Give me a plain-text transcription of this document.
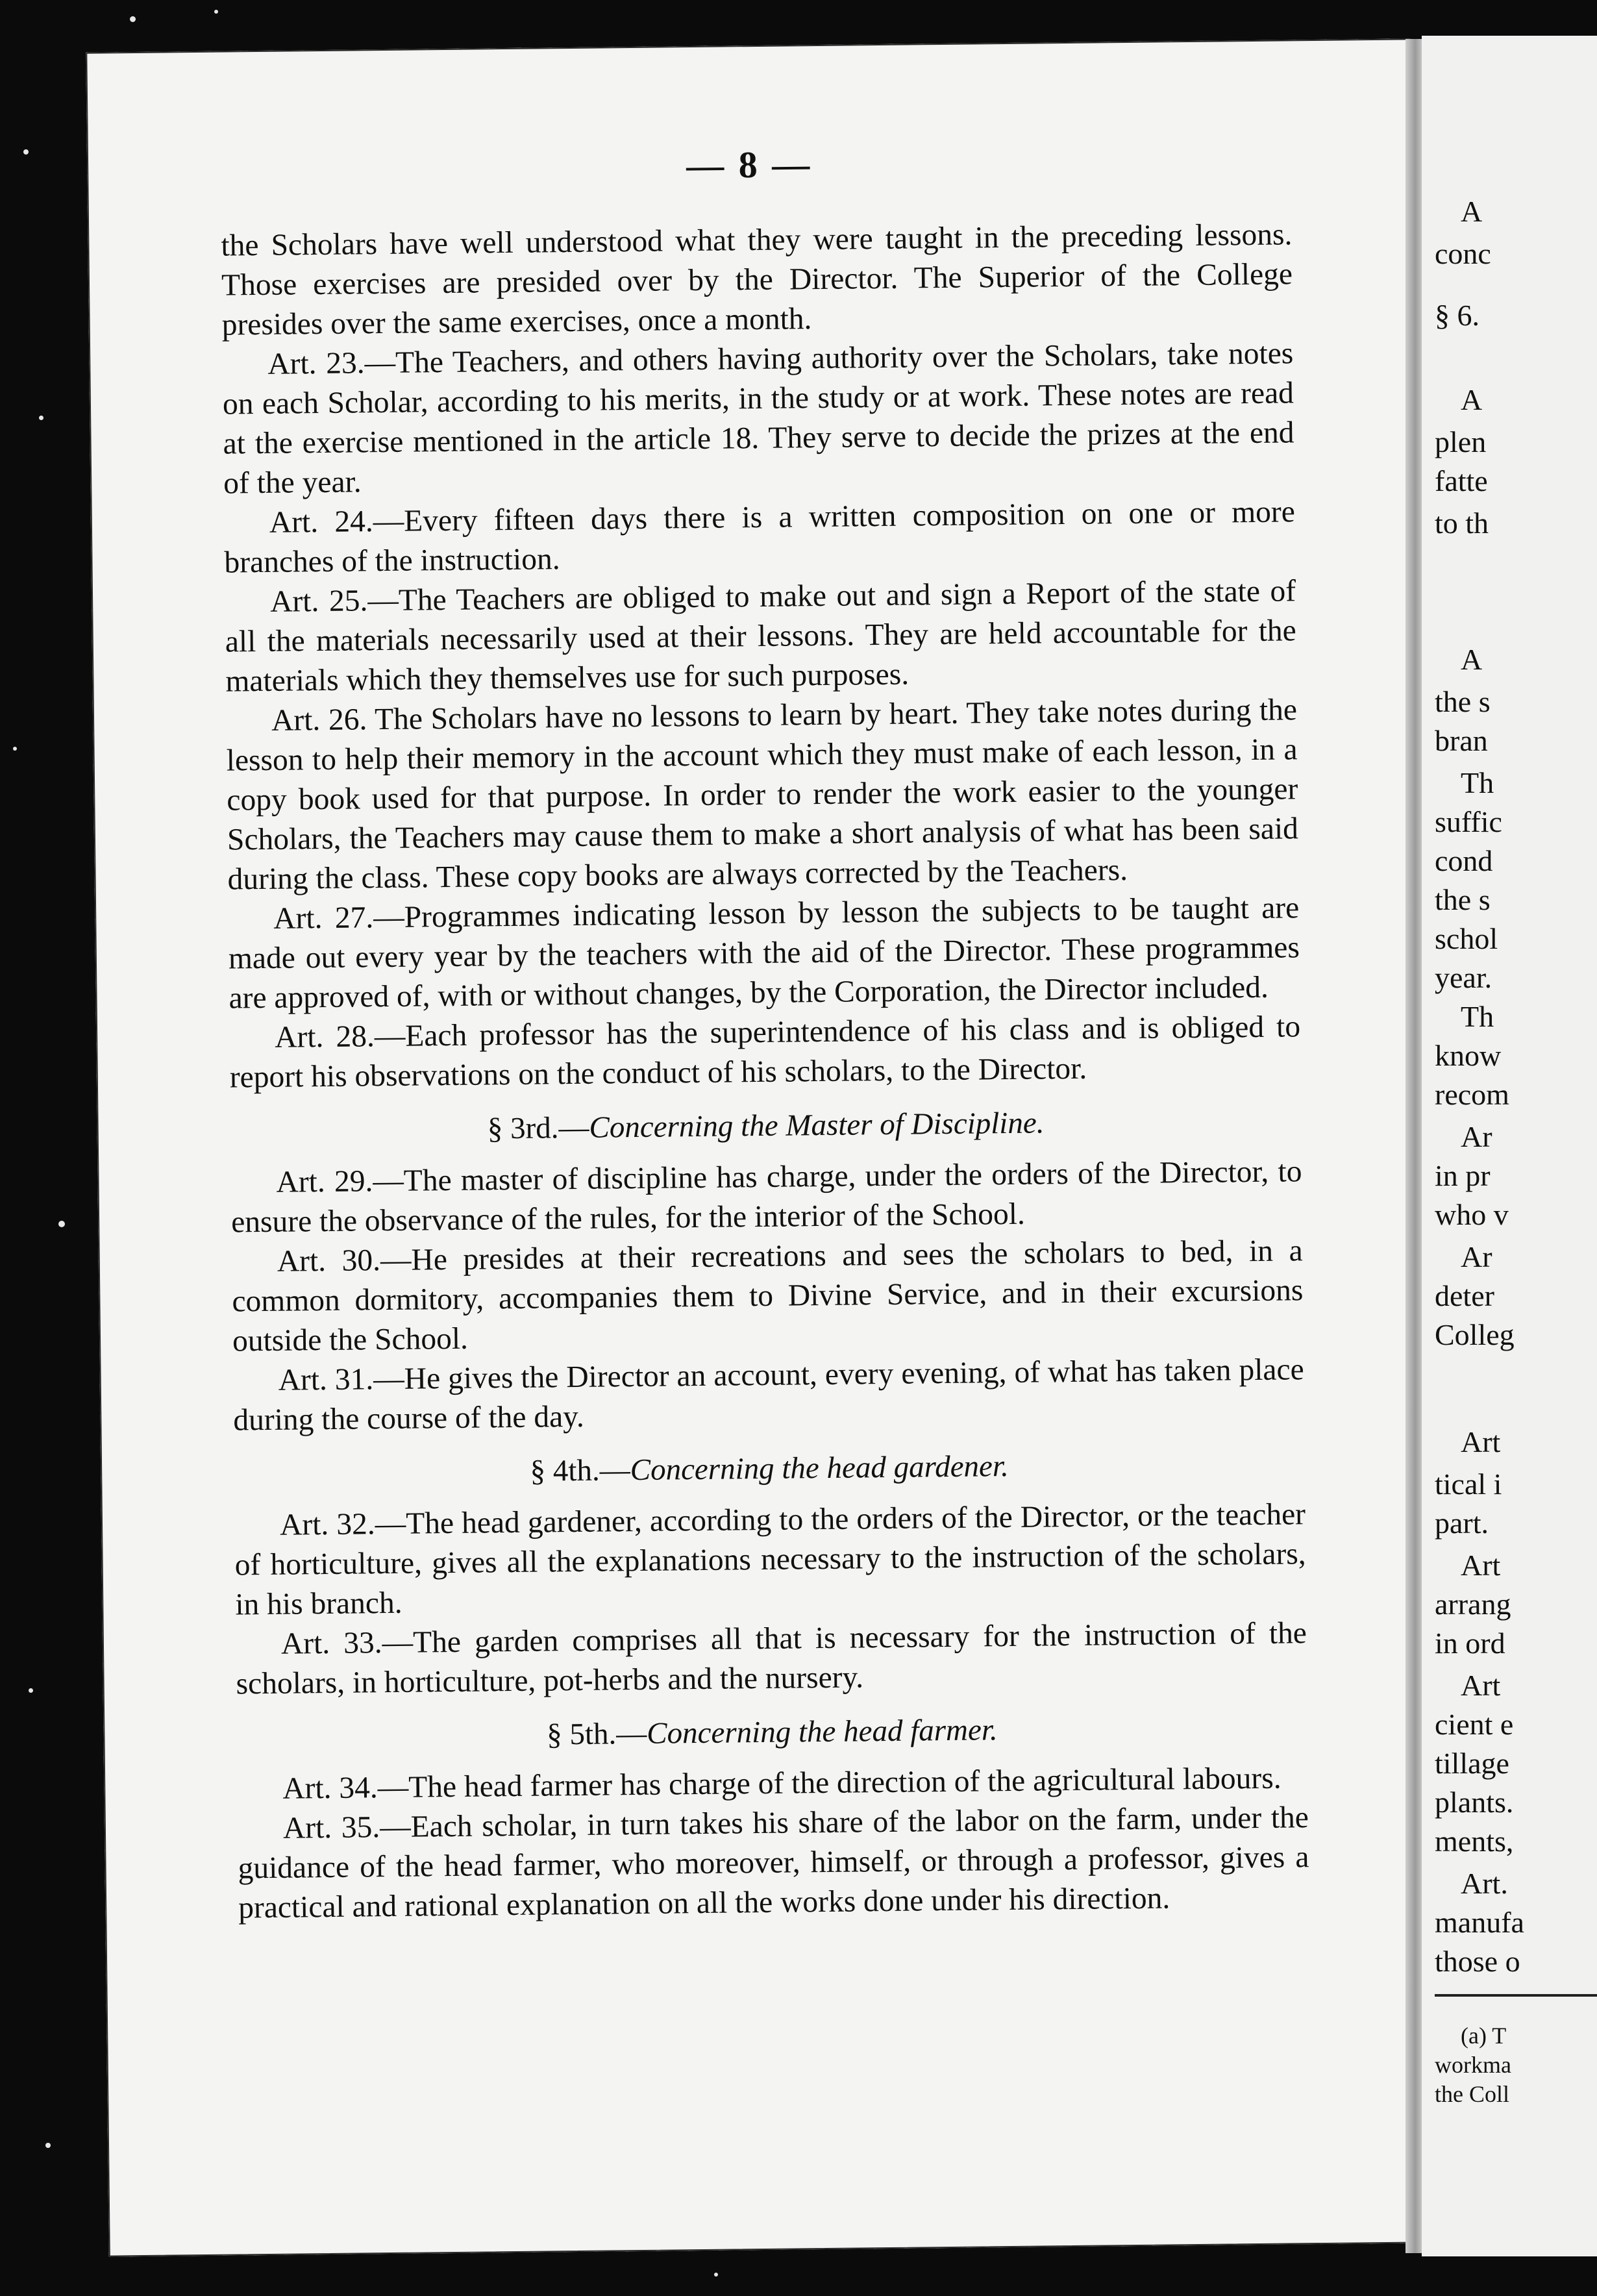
— 8 —

the Scholars have well understood what they were taught in the preceding lessons. Those exercises are presided over by the Director. The Superior of the College presides over the same exercises, once a month.

Art. 23.—The Teachers, and others having authority over the Scholars, take notes on each Scholar, according to his merits, in the study or at work. These notes are read at the exercise mentioned in the article 18. They serve to decide the prizes at the end of the year.

Art. 24.—Every fifteen days there is a written composition on one or more branches of the instruction.

Art. 25.—The Teachers are obliged to make out and sign a Report of the state of all the materials necessarily used at their lessons. They are held accountable for the materials which they themselves use for such purposes.

Art. 26. The Scholars have no lessons to learn by heart. They take notes during the lesson to help their memory in the account which they must make of each lesson, in a copy book used for that purpose. In order to render the work easier to the younger Scholars, the Teachers may cause them to make a short analysis of what has been said during the class. These copy books are always corrected by the Teachers.

Art. 27.—Programmes indicating lesson by lesson the subjects to be taught are made out every year by the teachers with the aid of the Director. These programmes are approved of, with or without changes, by the Corporation, the Director included.

Art. 28.—Each professor has the superintendence of his class and is obliged to report his observations on the conduct of his scholars, to the Director.

§ 3rd.—Concerning the Master of Discipline.

Art. 29.—The master of discipline has charge, under the orders of the Director, to ensure the observance of the rules, for the interior of the School.

Art. 30.—He presides at their recreations and sees the scholars to bed, in a common dormitory, accompanies them to Divine Service, and in their excursions outside the School.

Art. 31.—He gives the Director an account, every evening, of what has taken place during the course of the day.

§ 4th.—Concerning the head gardener.

Art. 32.—The head gardener, according to the orders of the Director, or the teacher of horticulture, gives all the explanations necessary to the instruction of the scholars, in his branch.

Art. 33.—The garden comprises all that is necessary for the instruction of the scholars, in horticulture, pot-herbs and the nursery.

§ 5th.—Concerning the head farmer.

Art. 34.—The head farmer has charge of the direction of the agricultural labours.

Art. 35.—Each scholar, in turn takes his share of the labor on the farm, under the guidance of the head farmer, who moreover, himself, or through a professor, gives a practical and rational explanation on all the works done under his direction.

A
conc
§ 6.
A
plen
fatte
to th
A
the s
bran
Th
suffic
cond
the s
schol
year.
Th
know
recom
Ar
in pr
who v
Ar
deter
Colleg
Art
tical i
part.
Art
arrang
in ord
Art
cient e
tillage
plants.
ments,
Art.
manufa
those o
(a) T
workma
the Coll
